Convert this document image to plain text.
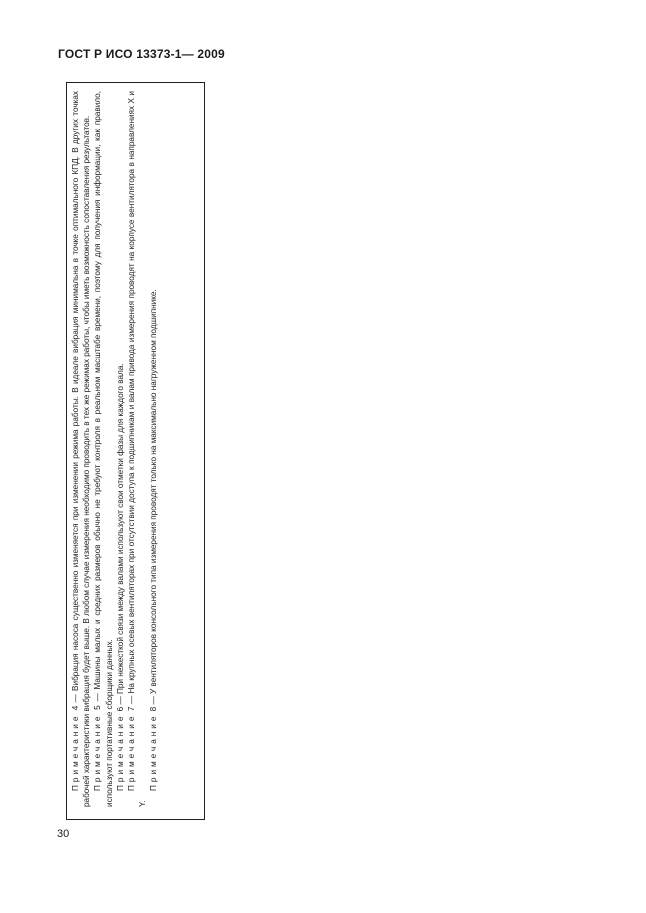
ГОСТ Р ИСО 13373-1— 2009

Примечание 4 — Вибрация насоса существенно изменяется при изменении режима работы. В идеале вибрация минимальна в точке оптимального КПД. В других точках рабочей характеристики вибрация будет выше. В любом случае измерения необходимо проводить в тех же режимах работы, чтобы иметь возможность сопоставления результатов. Примечание 5 — Машины малых и средних размеров обычно не требуют контроля в реальном масштабе времени, поэтому для получения информации, как правило, используют портативные сборщики данных. Примечание 6 — При нежесткой связи между валами используют свои отметки фазы для каждого вала.

Примечание 7 — На крупных осевых вентиляторах при отсутствии доступа к подшипникам и валам привода измерения проводят на корпусе вентилятора в направлениях X и Y.

Примечание 8 — У вентиляторов консольного типа измерения проводят только на максимально нагруженном подшипнике.

30
